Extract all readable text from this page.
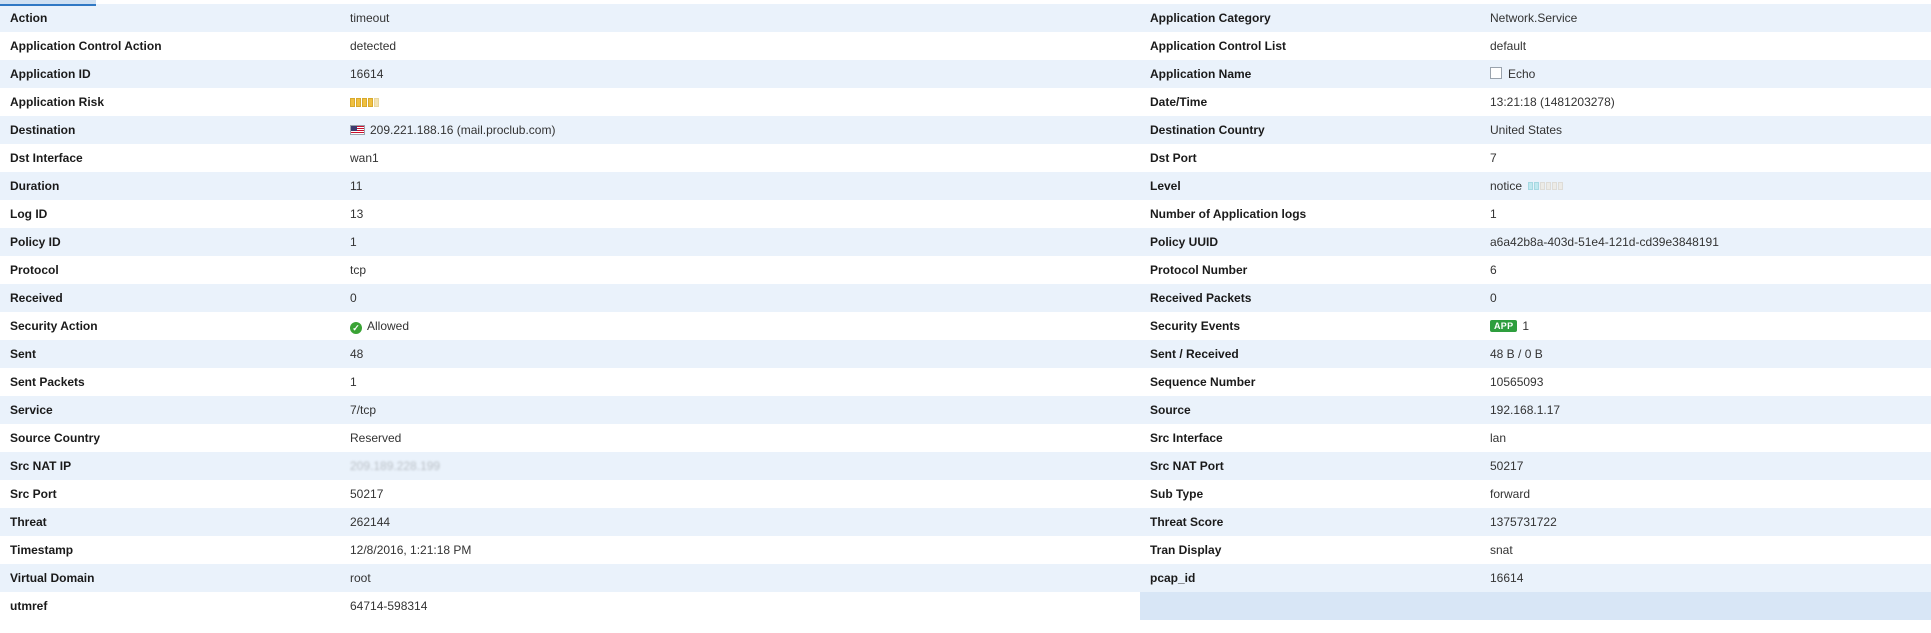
Action	timeout	Application Category	Network.Service
Application Control Action	detected	Application Control List	default
Application ID	16614	Application Name	Echo
Application Risk		Date/Time	13:21:18 (1481203278)
Destination	209.221.188.16 (mail.proclub.com)	Destination Country	United States
Dst Interface	wan1	Dst Port	7
Duration	11	Level	notice
Log ID	13	Number of Application logs	1
Policy ID	1	Policy UUID	a6a42b8a-403d-51e4-121d-cd39e3848191
Protocol	tcp	Protocol Number	6
Received	0	Received Packets	0
Security Action	✓ Allowed	Security Events	APP 1
Sent	48	Sent / Received	48 B / 0 B
Sent Packets	1	Sequence Number	10565093
Service	7/tcp	Source	192.168.1.17
Source Country	Reserved	Src Interface	lan
Src NAT IP	209.189.228.199	Src NAT Port	50217
Src Port	50217	Sub Type	forward
Threat	262144	Threat Score	1375731722
Timestamp	12/8/2016, 1:21:18 PM	Tran Display	snat
Virtual Domain	root	pcap_id	16614
utmref	64714-598314		
